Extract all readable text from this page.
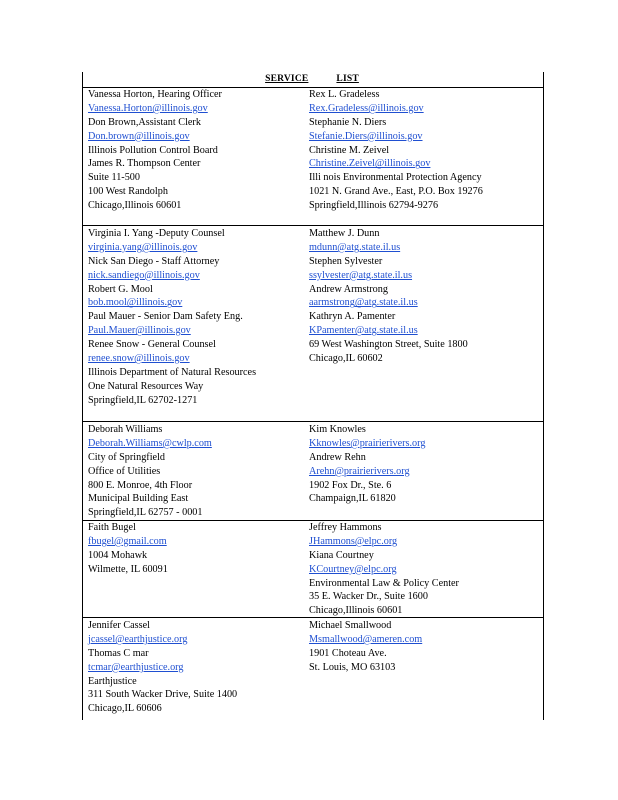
SERVICE	LIST
Vanessa Horton, Hearing Officer
Vanessa.Horton@illinois.gov
Don Brown,Assistant Clerk
Don.brown@illinois.gov
Illinois Pollution Control Board
James R. Thompson Center
Suite 11-500
100 West Randolph
Chicago,Illinois 60601
Rex L. Gradeless
Rex.Gradeless@illinois.gov
Stephanie N. Diers
Stefanie.Diers@illinois.gov
Christine M. Zeivel
Christine.Zeivel@illinois.gov
Illi nois Environmental Protection Agency
1021 N. Grand Ave., East, P.O. Box 19276
Springfield,Illinois 62794-9276
Virginia I. Yang -Deputy Counsel
virginia.yang@illinois.gov
Nick San Diego - Staff Attorney
nick.sandiego@illinois.gov
Robert G. Mool
bob.mool@illinois.gov
Paul Mauer - Senior Dam Safety Eng.
Paul.Mauer@illinois.gov
Renee Snow - General Counsel
renee.snow@illinois.gov
Illinois Department of Natural Resources
One Natural Resources Way
Springfield,IL 62702-1271
Matthew J. Dunn
mdunn@atg.state.il.us
Stephen Sylvester
ssylvester@atg.state.il.us
Andrew Armstrong
aarmstrong@atg.state.il.us
Kathryn A. Pamenter
KPamenter@atg.state.il.us
69 West Washington Street, Suite 1800
Chicago,IL 60602
Deborah Williams
Deborah.Williams@cwlp.com
City of Springfield
Office of Utilities
800 E. Monroe, 4th Floor
Municipal Building East
Springfield,IL 62757 - 0001
Kim Knowles
Kknowles@prairierivers.org
Andrew Rehn
Arehn@prairierivers.org
1902 Fox Dr., Ste. 6
Champaign,IL 61820
Faith Bugel
fbugel@gmail.com
1004 Mohawk
Wilmette, IL 60091
Jeffrey Hammons
JHammons@elpc.org
Kiana Courtney
KCourtney@elpc.org
Environmental Law & Policy Center
35 E. Wacker Dr., Suite 1600
Chicago,Illinois 60601
Jennifer Cassel
jcassel@earthjustice.org
Thomas C mar
tcmar@earthjustice.org
Earthjustice
311 South Wacker Drive, Suite 1400
Chicago,IL 60606
Michael Smallwood
Msmallwood@ameren.com
1901 Choteau Ave.
St. Louis, MO 63103
